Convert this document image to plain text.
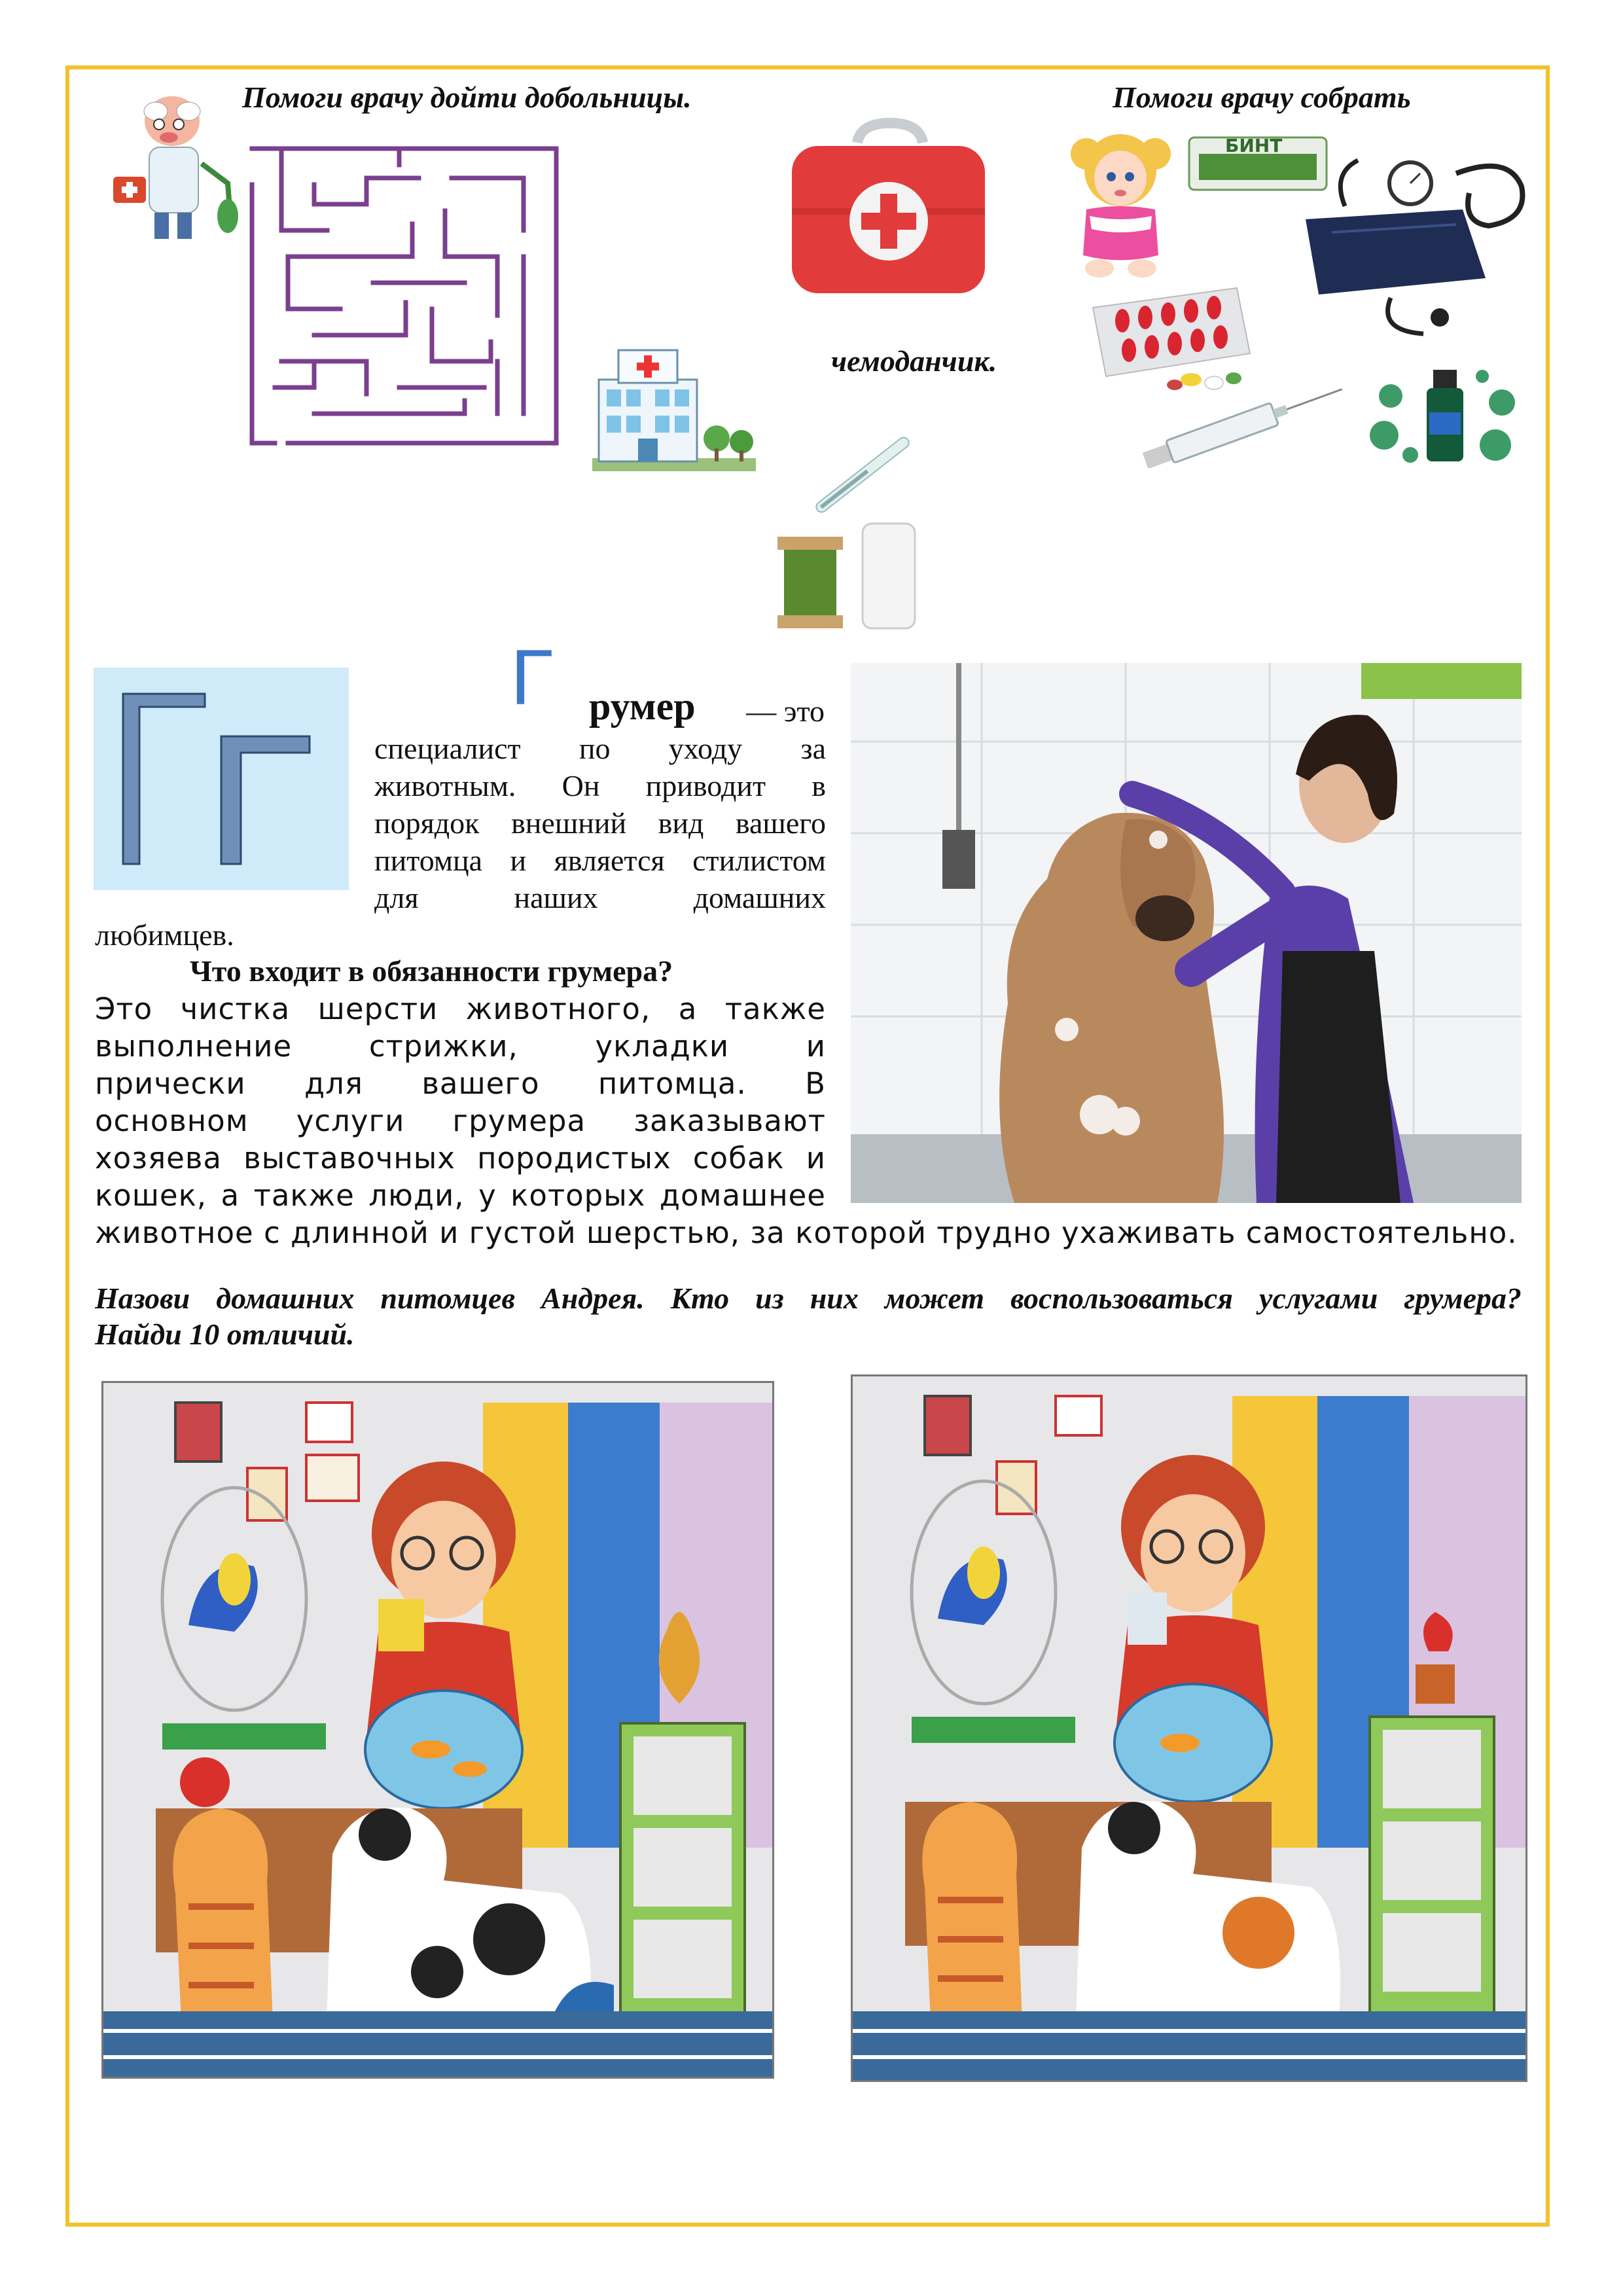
Помоги врачу дойти добольницы.
чемоданчик.
Помоги врачу собрать
БИНТ
Г румер	— это
специалист по уходу за
животным. Он приводит в
порядок внешний вид вашего
питомца и является стилистом
для наших домашних
любимцев.
Что входит в обязанности грумера?
Это чистка шерсти животного, а также
выполнение стрижки, укладки и
прически для вашего питомца. В
основном услуги грумера заказывают
хозяева выставочных породистых собак и
кошек, а также люди, у которых домашнее
животное с длинной и густой шерстью, за которой трудно ухаживать самостоятельно.
Назови домашних питомцев Андрея. Кто из них может воспользоваться услугами грумера?
Найди 10 отличий.
